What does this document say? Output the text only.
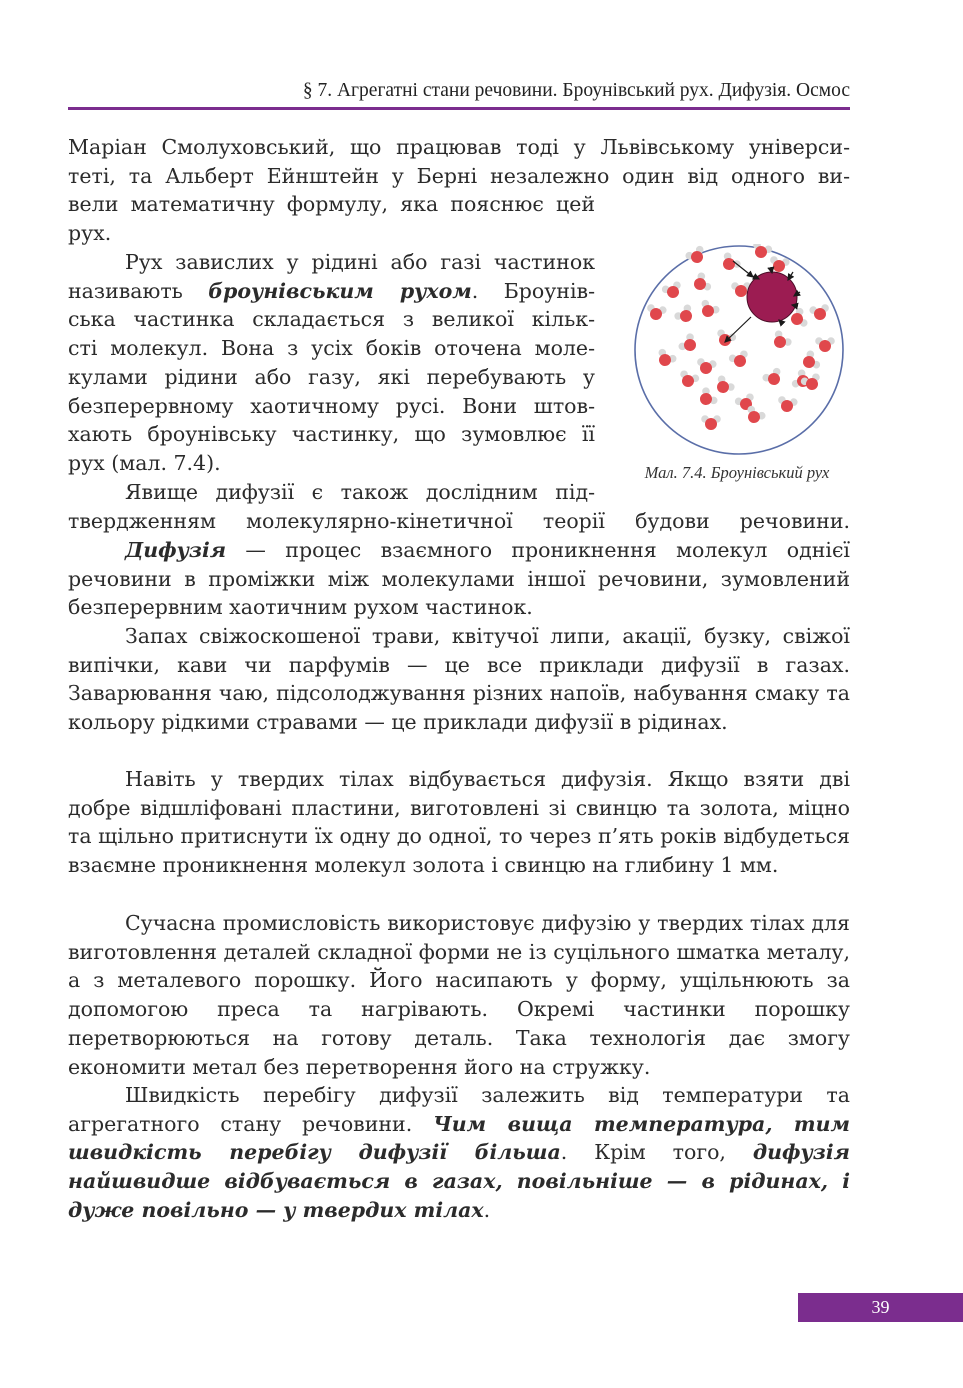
§ 7. Агрегатні стани речовини. Броунівський рух. Дифузія. Осмос
Маріан Смолуховський, що працював тоді у Львівському універси-
теті, та Альберт Ейнштейн у Берні незалежно один від одного ви-
вели математичну формулу, яка пояснює цей
рух.
Рух завислих у рідині або газі частинок
називають броунівським рухом. Броунів-
ська частинка складається з великої кільк-
сті молекул. Вона з усіх боків оточена моле-
кулами рідини або газу, які перебувають у
безперервному хаотичному русі. Вони штов-
хають броунівську частинку, що зумовлює її
рух (мал. 7.4).	Мал. 7.4. Броунівський рух
Явище дифузії є також дослідним під-
твердженням молекулярно-кінетичної теорії будови речовини.

Дифузія — процес взаємного проникнення молекул однієї речовини в проміжки між молекулами іншої речовини, зумовлений безперервним хаотичним рухом частинок.

Запах свіжоскошеної трави, квітучої липи, акації, бузку, свіжої випічки, кави чи парфумів — це все приклади дифузії в газах. Заварювання чаю, підсолоджування різних напоїв, набування смаку та кольору рідкими стравами — це приклади дифузії в рідинах.

Навіть у твердих тілах відбувається дифузія. Якщо взяти дві добре відшліфовані пластини, виготовлені зі свинцю та золота, міцно та щільно притиснути їх одну до одної, то через п’ять років відбудеться взаємне проникнення молекул золота і свинцю на глибину 1 мм.

Сучасна промисловість використовує дифузію у твердих тілах для виготовлення деталей складної форми не із суцільного шматка металу, а з металевого порошку. Його насипають у форму, ущільнюють за допомогою преса та нагрівають. Окремі частинки порошку перетворюються на готову деталь. Така технологія дає змогу економити метал без перетворення його на стружку.

Швидкість перебігу дифузії залежить від температури та агрегатного стану речовини. Чим вища температура, тим швидкість перебігу дифузії більша. Крім того, дифузія найшвидше відбувається в газах, повільніше — в рідинах, і дуже повільно — у твердих тілах.

39
